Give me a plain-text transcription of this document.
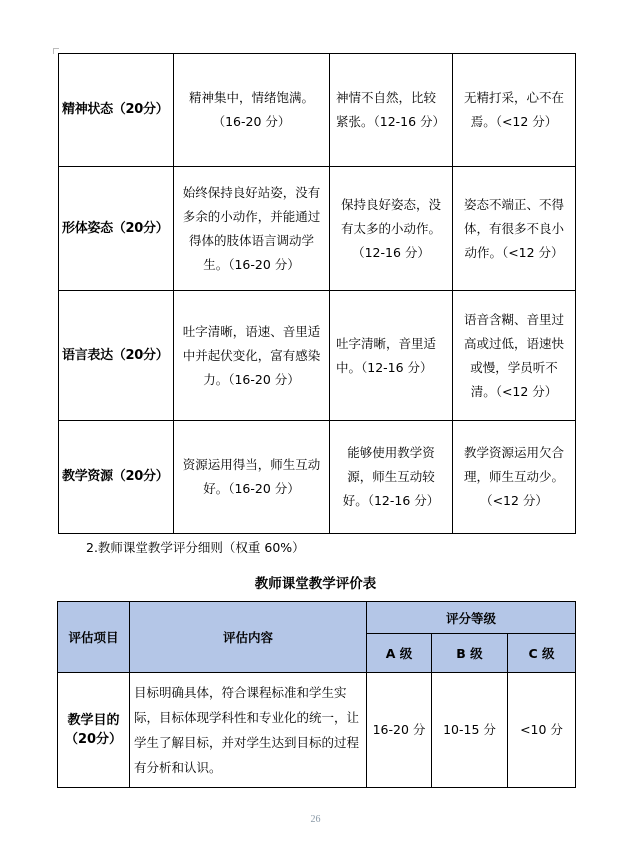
精神状态（20分）	精神集中，情绪饱满。（16-20 分）	神情不自然，比较紧张。（12-16 分）	无精打采，心不在焉。（<12 分）

形体姿态（20分）	始终保持良好站姿，没有多余的小动作，并能通过得体的肢体语言调动学生。（16-20 分）	保持良好姿态，没有太多的小动作。（12-16 分）	姿态不端正、不得体，有很多不良小动作。（<12 分）

语言表达（20分）	吐字清晰，语速、音里适中并起伏变化，富有感染力。（16-20 分）	吐字清晰，音里适中。（12-16 分）	语音含糊、音里过高或过低，语速快或慢，学员听不清。（<12 分）

教学资源（20分）	资源运用得当，师生互动好。（16-20 分）	能够使用教学资源，师生互动较好。（12-16 分）	教学资源运用欠合理，师生互动少。（<12 分）
2.教师课堂教学评分细则（权重 60%）
教师课堂教学评价表
评估项目	评估内容	评分等级		
		A 级	B 级	C 级

教学目的
（20分）	目标明确具体，符合课程标准和学生实际，目标体现学科性和专业化的统一，让学生了解目标，并对学生达到目标的过程有分析和认识。	16-20 分	10-15 分	<10 分
26
